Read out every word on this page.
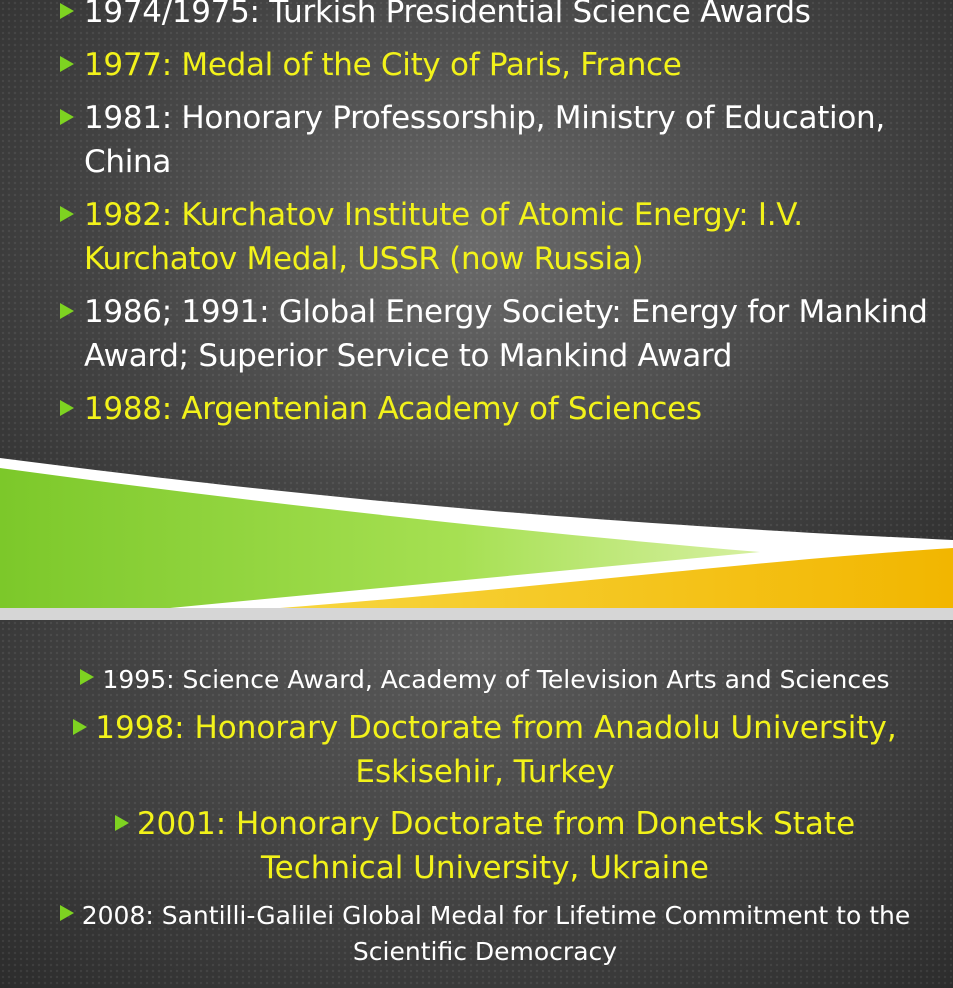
1974/1975: Turkish Presidential Science Awards
1977: Medal of the City of Paris, France
1981: Honorary Professorship, Ministry of Education, China
1982: Kurchatov Institute of Atomic Energy: I.V. Kurchatov Medal, USSR (now Russia)
1986; 1991: Global Energy Society: Energy for Mankind Award; Superior Service to Mankind Award
1988: Argentenian Academy of Sciences
1995: Science Award, Academy of Television Arts and Sciences
1998: Honorary Doctorate from Anadolu University, Eskisehir, Turkey
2001: Honorary Doctorate from Donetsk State Technical University, Ukraine
2008: Santilli-Galilei Global Medal for Lifetime Commitment to the Scientific Democracy
